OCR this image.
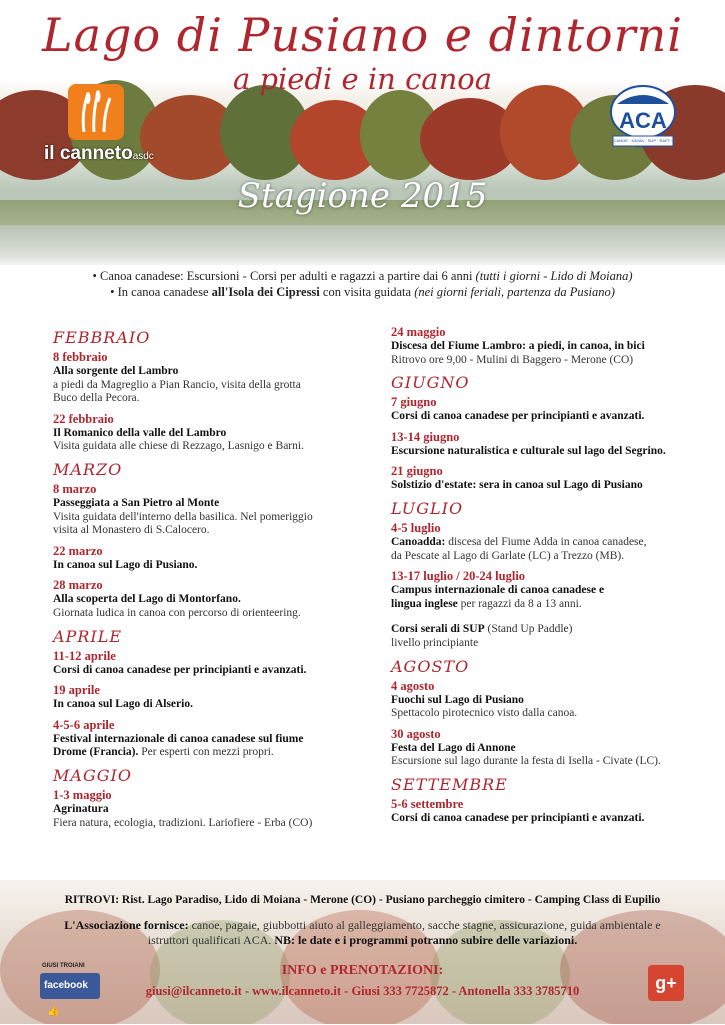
Lago di Pusiano e dintorni
a piedi e in canoa
il cannetoasdc
ACA
CANOE · KAYAK · SUP · RAFT · RESCUE
Stagione 2015
• Canoa canadese: Escursioni - Corsi per adulti e ragazzi a partire dai 6 anni (tutti i giorni - Lido di Moiana)
• In canoa canadese all'Isola dei Cipressi con visita guidata (nei giorni feriali, partenza da Pusiano)
FEBBRAIO
8 febbraio
Alla sorgente del Lambro
a piedi da Magreglio a Pian Rancio, visita della grotta Buco della Pecora.
22 febbraio
Il Romanico della valle del Lambro
Visita guidata alle chiese di Rezzago, Lasnigo e Barni.
MARZO
8 marzo
Passeggiata a San Pietro al Monte
Visita guidata dell'interno della basilica. Nel pomeriggio visita al Monastero di S.Calocero.
22 marzo
In canoa sul Lago di Pusiano.
28 marzo
Alla scoperta del Lago di Montorfano.
Giornata ludica in canoa con percorso di orienteering.
APRILE
11-12 aprile
Corsi di canoa canadese per principianti e avanzati.
19 aprile
In canoa sul Lago di Alserio.
4-5-6 aprile
Festival internazionale di canoa canadese sul fiume Drome (Francia). Per esperti con mezzi propri.
MAGGIO
1-3 maggio
Agrinatura
Fiera natura, ecologia, tradizioni. Lariofiere - Erba (CO)
24 maggio
Discesa del Fiume Lambro: a piedi, in canoa, in bici
Ritrovo ore 9,00 - Mulini di Baggero - Merone (CO)
GIUGNO
7 giugno
Corsi di canoa canadese per principianti e avanzati.
13-14 giugno
Escursione naturalistica e culturale sul lago del Segrino.
21 giugno
Solstizio d'estate: sera in canoa sul Lago di Pusiano
LUGLIO
4-5 luglio
Canoadda: discesa del Fiume Adda in canoa canadese, da Pescate al Lago di Garlate (LC) a Trezzo (MB).
13-17 luglio / 20-24 luglio
Campus internazionale di canoa canadese e lingua inglese per ragazzi da 8 a 13 anni.
Corsi serali di SUP (Stand Up Paddle) livello principiante
AGOSTO
4 agosto
Fuochi sul Lago di Pusiano
Spettacolo pirotecnico visto dalla canoa.
30 agosto
Festa del Lago di Annone
Escursione sul lago durante la festa di Isella - Civate (LC).
SETTEMBRE
5-6 settembre
Corsi di canoa canadese per principianti e avanzati.
RITROVI: Rist. Lago Paradiso, Lido di Moiana - Merone (CO) - Pusiano parcheggio cimitero - Camping Class di Eupilio
L'Associazione fornisce: canoe, pagaie, giubbotti aiuto al galleggiamento, sacche stagne, assicurazione, guida ambientale e istruttori qualificati ACA. NB: le date e i programmi potranno subire delle variazioni.
GIUSI TROIANI
facebook👍
INFO e PRENOTAZIONI:
giusi@ilcanneto.it - www.ilcanneto.it - Giusi 333 7725872 - Antonella 333 3785710	g+
